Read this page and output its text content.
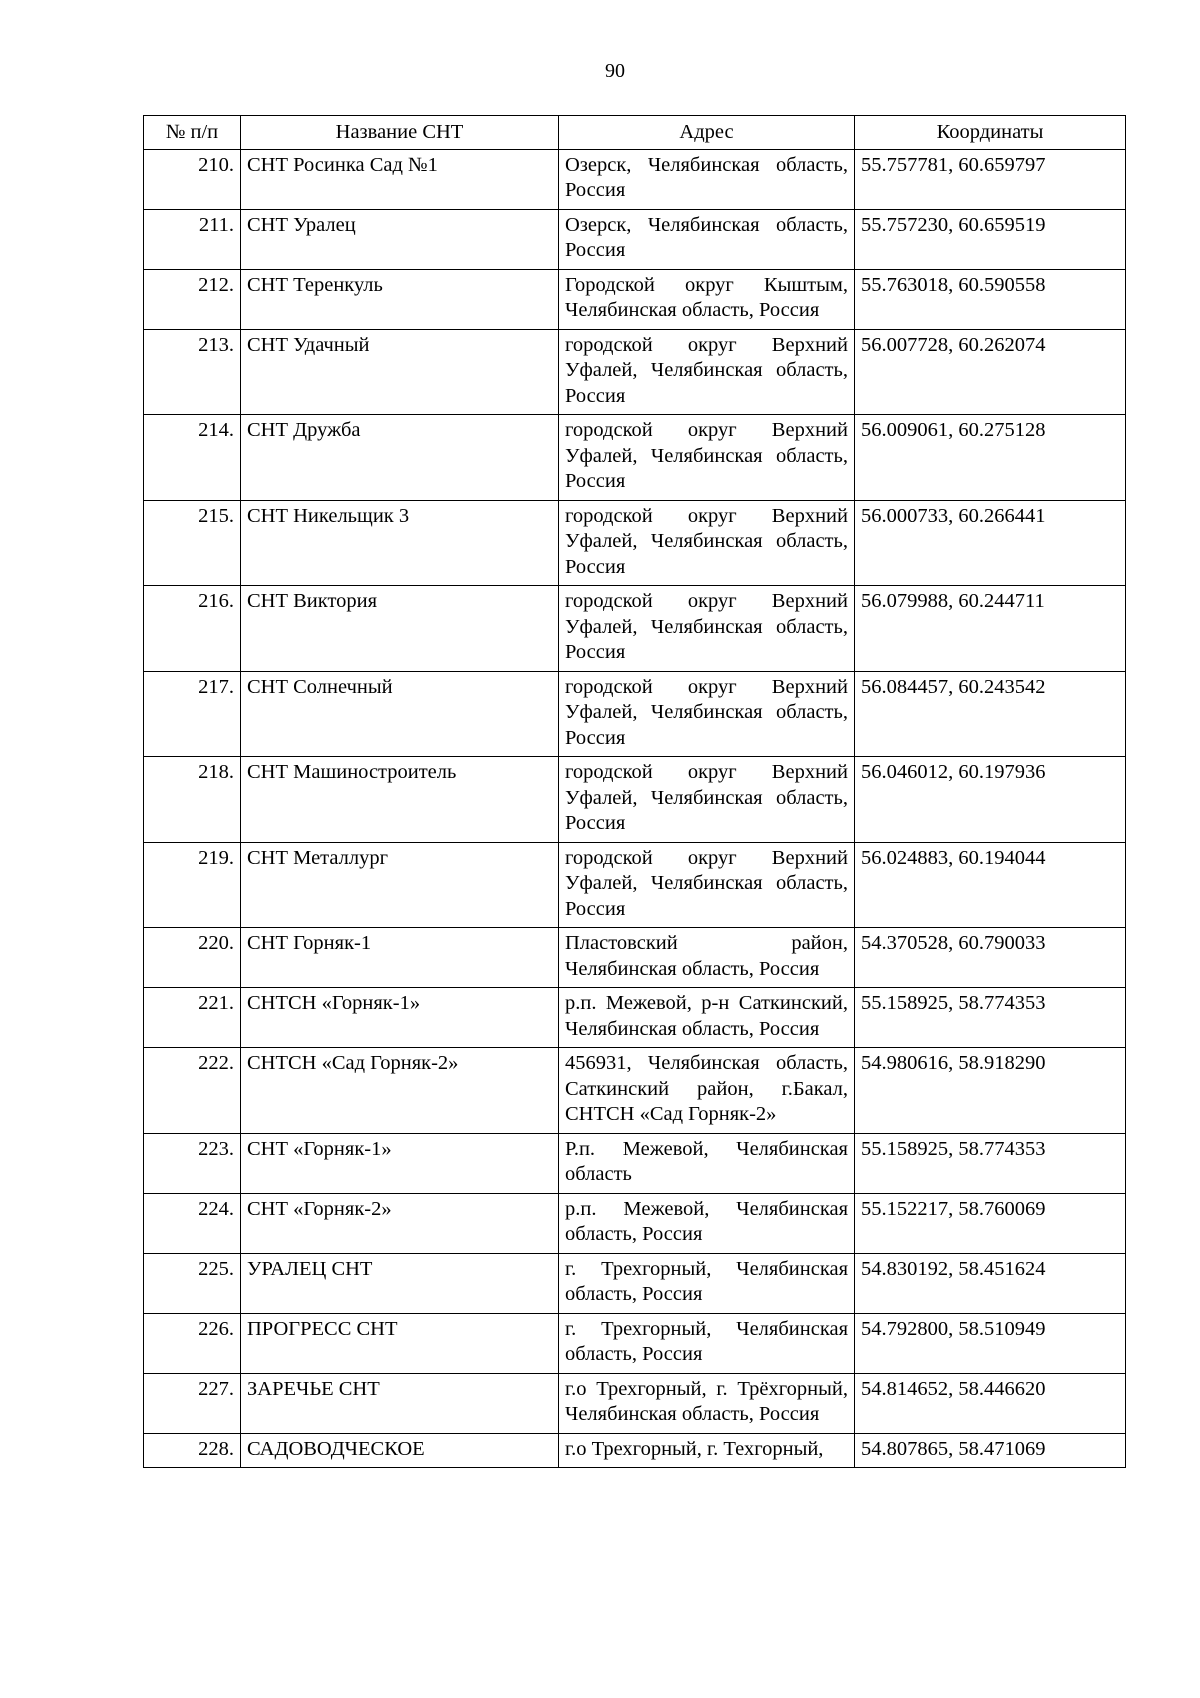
90
№ п/п	Название СНТ	Адрес	Координаты
210.	СНТ Росинка Сад №1	Озерск, Челябинская область, Россия	55.757781, 60.659797
211.	СНТ Уралец	Озерск, Челябинская область, Россия	55.757230, 60.659519
212.	СНТ Теренкуль	Городской округ Кыштым, Челябинская область, Россия	55.763018, 60.590558
213.	СНТ Удачный	городской округ Верхний Уфалей, Челябинская область, Россия	56.007728, 60.262074
214.	СНТ Дружба	городской округ Верхний Уфалей, Челябинская область, Россия	56.009061, 60.275128
215.	СНТ Никельщик 3	городской округ Верхний Уфалей, Челябинская область, Россия	56.000733, 60.266441
216.	СНТ Виктория	городской округ Верхний Уфалей, Челябинская область, Россия	56.079988, 60.244711
217.	СНТ Солнечный	городской округ Верхний Уфалей, Челябинская область, Россия	56.084457, 60.243542
218.	СНТ Машиностроитель	городской округ Верхний Уфалей, Челябинская область, Россия	56.046012, 60.197936
219.	СНТ Металлург	городской округ Верхний Уфалей, Челябинская область, Россия	56.024883, 60.194044
220.	СНТ Горняк-1	Пластовский район, Челябинская область, Россия	54.370528, 60.790033
221.	СНТСН «Горняк-1»	р.п. Межевой, р-н Саткинский, Челябинская область, Россия	55.158925, 58.774353
222.	СНТСН «Сад Горняк-2»	456931, Челябинская область, Саткинский район, г.Бакал, СНТСН «Сад Горняк-2»	54.980616, 58.918290
223.	СНТ «Горняк-1»	Р.п. Межевой, Челябинская область	55.158925, 58.774353
224.	СНТ «Горняк-2»	р.п. Межевой, Челябинская область, Россия	55.152217, 58.760069
225.	УРАЛЕЦ СНТ	г. Трехгорный, Челябинская область, Россия	54.830192, 58.451624
226.	ПРОГРЕСС СНТ	г. Трехгорный, Челябинская область, Россия	54.792800, 58.510949
227.	ЗАРЕЧЬЕ СНТ	г.о Трехгорный, г. Трёхгорный, Челябинская область, Россия	54.814652, 58.446620
228.	САДОВОДЧЕСКОЕ	г.о Трехгорный, г. Техгорный,	54.807865, 58.471069
